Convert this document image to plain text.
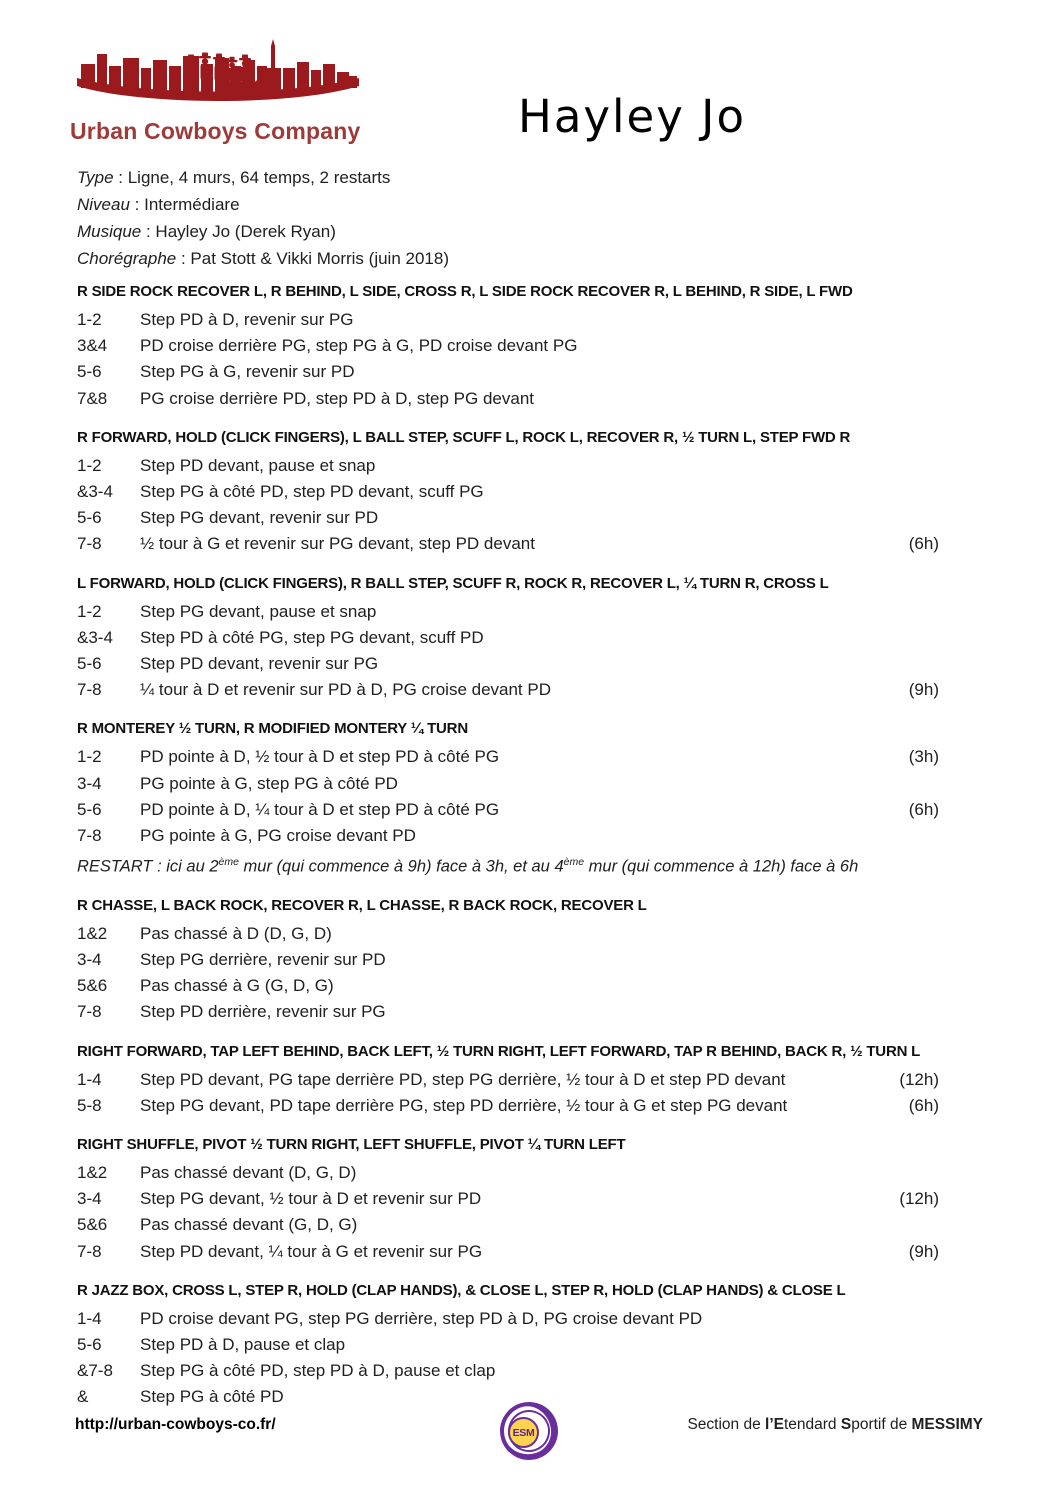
Urban Cowboys Company	Hayley Jo
Type : Ligne, 4 murs, 64 temps, 2 restarts
Niveau : Intermédiare
Musique : Hayley Jo (Derek Ryan)
Chorégraphe : Pat Stott & Vikki Morris (juin 2018)
R SIDE ROCK RECOVER L, R BEHIND, L SIDE, CROSS R, L SIDE ROCK RECOVER R, L BEHIND, R SIDE, L FWD
1-2	Step PD à D, revenir sur PG
3&4	PD croise derrière PG, step PG à G, PD croise devant PG
5-6	Step PG à G, revenir sur PD
7&8	PG croise derrière PD, step PD à D, step PG devant
R FORWARD, HOLD (CLICK FINGERS), L BALL STEP, SCUFF L, ROCK L, RECOVER R, ½ TURN L, STEP FWD R
1-2	Step PD devant, pause et snap
&3-4	Step PG à côté PD, step PD devant, scuff PG
5-6	Step PG devant, revenir sur PD
7-8	½ tour à G et revenir sur PG devant, step PD devant	(6h)
L FORWARD, HOLD (CLICK FINGERS), R BALL STEP, SCUFF R, ROCK R, RECOVER L, ¼ TURN R, CROSS L
1-2	Step PG devant, pause et snap
&3-4	Step PD à côté PG, step PG devant, scuff PD
5-6	Step PD devant, revenir sur PG
7-8	¼ tour à D et revenir sur PD à D, PG croise devant PD	(9h)
R MONTEREY ½ TURN, R MODIFIED MONTERY ¼ TURN
1-2	PD pointe à D, ½ tour à D et step PD à côté PG	(3h)
3-4	PG pointe à G, step PG à côté PD
5-6	PD pointe à D, ¼ tour à D et step PD à côté PG	(6h)
7-8	PG pointe à G, PG croise devant PD
RESTART : ici au 2ème mur (qui commence à 9h) face à 3h, et au 4ème mur (qui commence à 12h) face à 6h
R CHASSE, L BACK ROCK, RECOVER R, L CHASSE, R BACK ROCK, RECOVER L
1&2	Pas chassé à D (D, G, D)
3-4	Step PG derrière, revenir sur PD
5&6	Pas chassé à G (G, D, G)
7-8	Step PD derrière, revenir sur PG
RIGHT FORWARD, TAP LEFT BEHIND, BACK LEFT, ½ TURN RIGHT, LEFT FORWARD, TAP R BEHIND, BACK R, ½ TURN L
1-4	Step PD devant, PG tape derrière PD, step PG derrière, ½ tour à D et step PD devant	(12h)
5-8	Step PG devant, PD tape derrière PG, step PD derrière, ½ tour à G et step PG devant	(6h)
RIGHT SHUFFLE, PIVOT ½ TURN RIGHT, LEFT SHUFFLE, PIVOT ¼ TURN LEFT
1&2	Pas chassé devant (D, G, D)
3-4	Step PG devant, ½ tour à D et revenir sur PD	(12h)
5&6	Pas chassé devant (G, D, G)
7-8	Step PD devant, ¼ tour à G et revenir sur PG	(9h)
R JAZZ BOX, CROSS L, STEP R, HOLD (CLAP HANDS), & CLOSE L, STEP R, HOLD (CLAP HANDS) & CLOSE L
1-4	PD croise devant PG, step PG derrière, step PD à D, PG croise devant PD
5-6	Step PD à D, pause et clap
&7-8	Step PG à côté PD, step PD à D, pause et clap
&	Step PG à côté PD
http://urban-cowboys-co.fr/	ESM	Section de l’Etendard Sportif de MESSIMY
